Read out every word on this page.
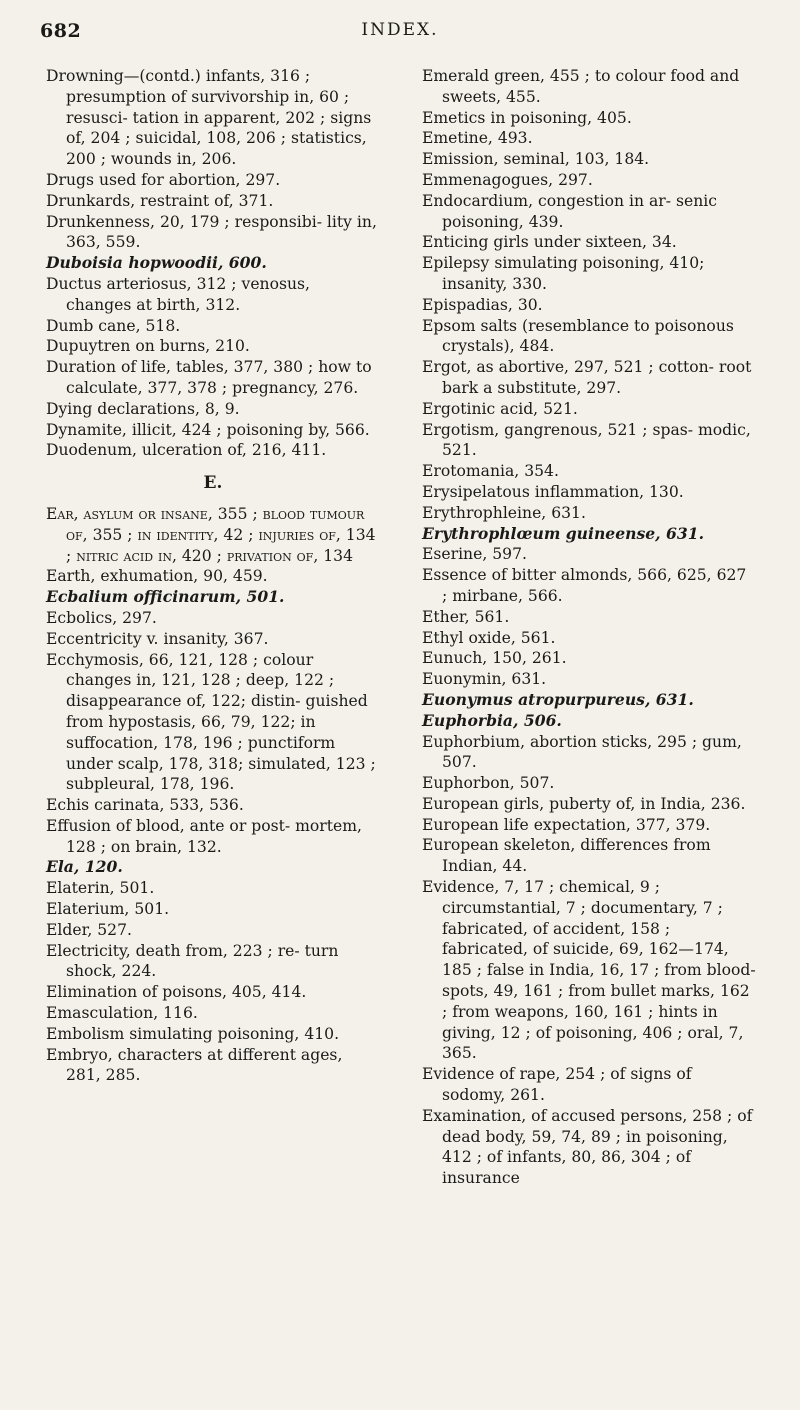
682	INDEX.

Drowning—(contd.) infants, 316 ; presumption of survivorship in, 60 ; resusci- tation in apparent, 202 ; signs of, 204 ; suicidal, 108, 206 ; statistics, 200 ; wounds in, 206.

Drugs used for abortion, 297.

Drunkards, restraint of, 371.

Drunkenness, 20, 179 ; responsibi- lity in, 363, 559.

Duboisia hopwoodii, 600.

Ductus arteriosus, 312 ; venosus, changes at birth, 312.

Dumb cane, 518.

Dupuytren on burns, 210.

Duration of life, tables, 377, 380 ; how to calculate, 377, 378 ; pregnancy, 276.

Dying declarations, 8, 9.

Dynamite, illicit, 424 ; poisoning by, 566.

Duodenum, ulceration of, 216, 411.

E.

Ear, asylum or insane, 355 ; blood tumour of, 355 ; in identity, 42 ; injuries of, 134 ; nitric acid in, 420 ; privation of, 134

Earth, exhumation, 90, 459.

Ecbalium officinarum, 501.

Ecbolics, 297.

Eccentricity v. insanity, 367.

Ecchymosis, 66, 121, 128 ; colour changes in, 121, 128 ; deep, 122 ; disappearance of, 122; distin- guished from hypostasis, 66, 79, 122; in suffocation, 178, 196 ; punctiform under scalp, 178, 318; simulated, 123 ; subpleural, 178, 196.

Echis carinata, 533, 536.

Effusion of blood, ante or post- mortem, 128 ; on brain, 132.

Ela, 120.

Elaterin, 501.

Elaterium, 501.

Elder, 527.

Electricity, death from, 223 ; re- turn shock, 224.

Elimination of poisons, 405, 414.

Emasculation, 116.

Embolism simulating poisoning, 410.

Embryo, characters at different ages, 281, 285.

Emerald green, 455 ; to colour food and sweets, 455.

Emetics in poisoning, 405.

Emetine, 493.

Emission, seminal, 103, 184.

Emmenagogues, 297.

Endocardium, congestion in ar- senic poisoning, 439.

Enticing girls under sixteen, 34.

Epilepsy simulating poisoning, 410; insanity, 330.

Epispadias, 30.

Epsom salts (resemblance to poisonous crystals), 484.

Ergot, as abortive, 297, 521 ; cotton- root bark a substitute, 297.

Ergotinic acid, 521.

Ergotism, gangrenous, 521 ; spas- modic, 521.

Erotomania, 354.

Erysipelatous inflammation, 130.

Erythrophleine, 631.

Erythrophlœum guineense, 631.

Eserine, 597.

Essence of bitter almonds, 566, 625, 627 ; mirbane, 566.

Ether, 561.

Ethyl oxide, 561.

Eunuch, 150, 261.

Euonymin, 631.

Euonymus atropurpureus, 631.

Euphorbia, 506.

Euphorbium, abortion sticks, 295 ; gum, 507.

Euphorbon, 507.

European girls, puberty of, in India, 236.

European life expectation, 377, 379.

European skeleton, differences from Indian, 44.

Evidence, 7, 17 ; chemical, 9 ; circumstantial, 7 ; documentary, 7 ; fabricated, of accident, 158 ; fabricated, of suicide, 69, 162—174, 185 ; false in India, 16, 17 ; from blood-spots, 49, 161 ; from bullet marks, 162 ; from weapons, 160, 161 ; hints in giving, 12 ; of poisoning, 406 ; oral, 7, 365.

Evidence of rape, 254 ; of signs of sodomy, 261.

Examination, of accused persons, 258 ; of dead body, 59, 74, 89 ; in poisoning, 412 ; of infants, 80, 86, 304 ; of insurance
